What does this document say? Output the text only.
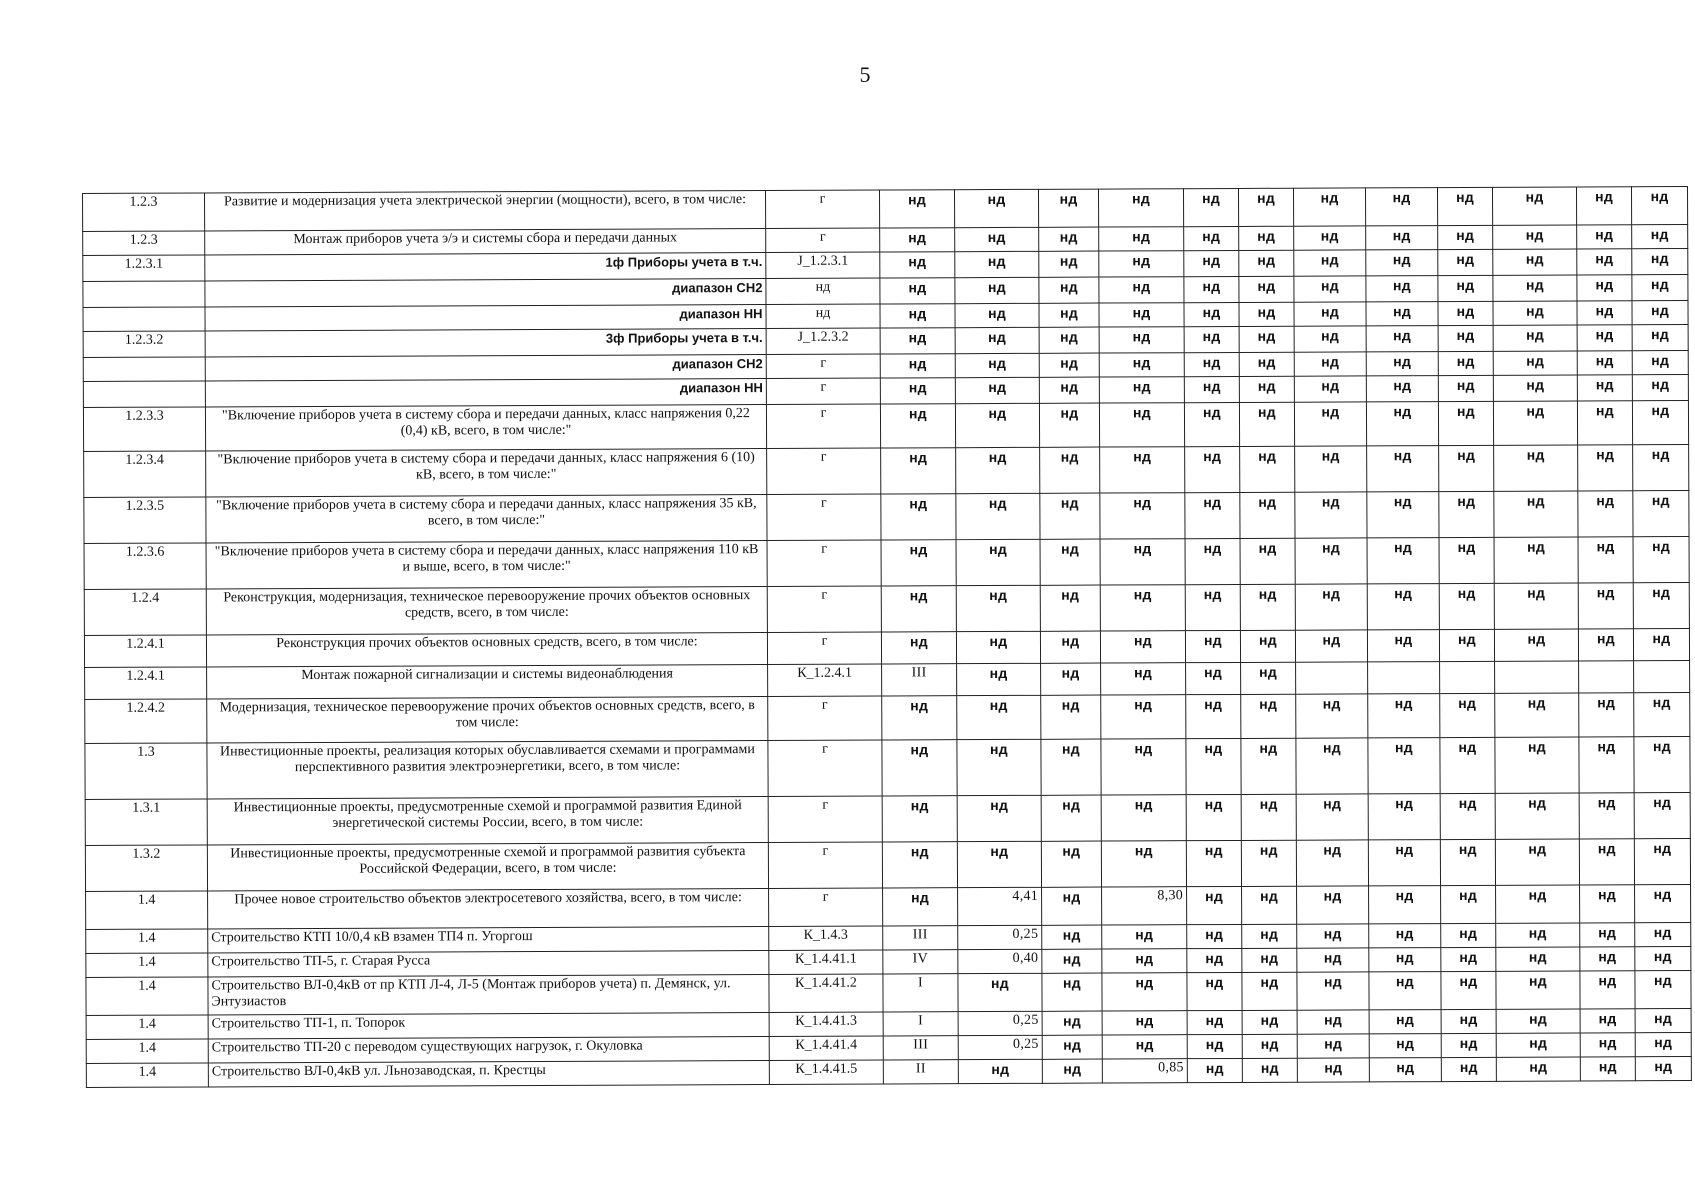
5
1.2.3	Развитие и модернизация учета электрической энергии (мощности), всего, в том числе:	г	нд	нд	нд	нд	нд	нд	нд	нд	нд	нд	нд	нд
1.2.3	Монтаж приборов учета э/э и системы сбора и передачи данных	г	нд	нд	нд	нд	нд	нд	нд	нд	нд	нд	нд	нд
1.2.3.1	1ф Приборы учета в т.ч.	J_1.2.3.1	нд	нд	нд	нд	нд	нд	нд	нд	нд	нд	нд	нд
	диапазон СН2	нд	нд	нд	нд	нд	нд	нд	нд	нд	нд	нд	нд	нд
	диапазон НН	нд	нд	нд	нд	нд	нд	нд	нд	нд	нд	нд	нд	нд
1.2.3.2	3ф Приборы учета в т.ч.	J_1.2.3.2	нд	нд	нд	нд	нд	нд	нд	нд	нд	нд	нд	нд
	диапазон СН2	г	нд	нд	нд	нд	нд	нд	нд	нд	нд	нд	нд	нд
	диапазон НН	г	нд	нд	нд	нд	нд	нд	нд	нд	нд	нд	нд	нд
1.2.3.3	"Включение приборов учета в систему сбора и передачи данных, класс напряжения 0,22 (0,4) кВ, всего, в том числе:"	г	нд	нд	нд	нд	нд	нд	нд	нд	нд	нд	нд	нд
1.2.3.4	"Включение приборов учета в систему сбора и передачи данных, класс напряжения 6 (10) кВ, всего, в том числе:"	г	нд	нд	нд	нд	нд	нд	нд	нд	нд	нд	нд	нд
1.2.3.5	"Включение приборов учета в систему сбора и передачи данных, класс напряжения 35 кВ, всего, в том числе:"	г	нд	нд	нд	нд	нд	нд	нд	нд	нд	нд	нд	нд
1.2.3.6	"Включение приборов учета в систему сбора и передачи данных, класс напряжения 110 кВ и выше, всего, в том числе:"	г	нд	нд	нд	нд	нд	нд	нд	нд	нд	нд	нд	нд
1.2.4	Реконструкция, модернизация, техническое перевооружение прочих объектов основных средств, всего, в том числе:	г	нд	нд	нд	нд	нд	нд	нд	нд	нд	нд	нд	нд
1.2.4.1	Реконструкция прочих объектов основных средств, всего, в том числе:	г	нд	нд	нд	нд	нд	нд	нд	нд	нд	нд	нд	нд
1.2.4.1	Монтаж пожарной сигнализации и системы видеонаблюдения	К_1.2.4.1	III	нд	нд	нд	нд	нд						
1.2.4.2	Модернизация, техническое перевооружение прочих объектов основных средств, всего, в том числе:	г	нд	нд	нд	нд	нд	нд	нд	нд	нд	нд	нд	нд
1.3	Инвестиционные проекты, реализация которых обуславливается схемами и программами перспективного развития электроэнергетики, всего, в том числе:	г	нд	нд	нд	нд	нд	нд	нд	нд	нд	нд	нд	нд
1.3.1	Инвестиционные проекты, предусмотренные схемой и программой развития Единой энергетической системы России, всего, в том числе:	г	нд	нд	нд	нд	нд	нд	нд	нд	нд	нд	нд	нд
1.3.2	Инвестиционные проекты, предусмотренные схемой и программой развития субъекта Российской Федерации, всего, в том числе:	г	нд	нд	нд	нд	нд	нд	нд	нд	нд	нд	нд	нд
1.4	Прочее новое строительство объектов электросетевого хозяйства, всего, в том числе:	г	нд	4,41	нд	8,30	нд	нд	нд	нд	нд	нд	нд	нд
1.4	Строительство КТП 10/0,4 кВ взамен ТП4 п. Угоргош	К_1.4.3	III	0,25	нд	нд	нд	нд	нд	нд	нд	нд	нд	нд
1.4	Строительство ТП-5, г. Старая Русса	К_1.4.41.1	IV	0,40	нд	нд	нд	нд	нд	нд	нд	нд	нд	нд
1.4	Строительство ВЛ-0,4кВ от пр КТП Л-4, Л-5 (Монтаж приборов учета) п. Демянск, ул. Энтузиастов	К_1.4.41.2	I	нд	нд	нд	нд	нд	нд	нд	нд	нд	нд	нд
1.4	Строительство ТП-1, п. Топорок	К_1.4.41.3	I	0,25	нд	нд	нд	нд	нд	нд	нд	нд	нд	нд
1.4	Строительство ТП-20 с переводом существующих нагрузок, г. Окуловка	К_1.4.41.4	III	0,25	нд	нд	нд	нд	нд	нд	нд	нд	нд	нд
1.4	Строительство ВЛ-0,4кВ ул. Льнозаводская, п. Крестцы	К_1.4.41.5	II	нд	нд	0,85	нд	нд	нд	нд	нд	нд	нд	нд
